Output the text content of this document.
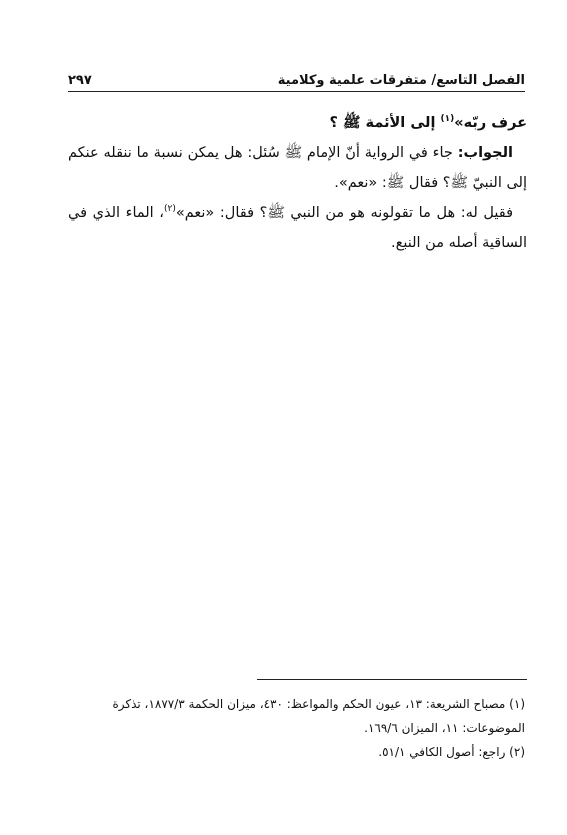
الفصل التاسع/ متفرقات علمية وكلامية
٢٩٧

عرف ربّه»$^{(١)}$ إلى الأئمة ﷺ ؟

الجواب: جاء في الرواية أنّ الإمام ﷺ سُئل: هل يمكن نسبة ما ننقله عنكم إلى النبيّ ﷺ؟ فقال ﷺ: «نعم».

فقيل له: هل ما تقولونه هو من النبي ﷺ؟ فقال: «نعم»$^{(٢)}$، الماء الذي في الساقية أصله من النبع.

(١) مصباح الشريعة: ١٣، عيون الحكم والمواعظ: ٤٣٠، ميزان الحكمة ١٨٧٧/٣، تذكرة الموضوعات: ١١، الميزان ١٦٩/٦.

(٢) راجع: أصول الكافي ٥١/١.
